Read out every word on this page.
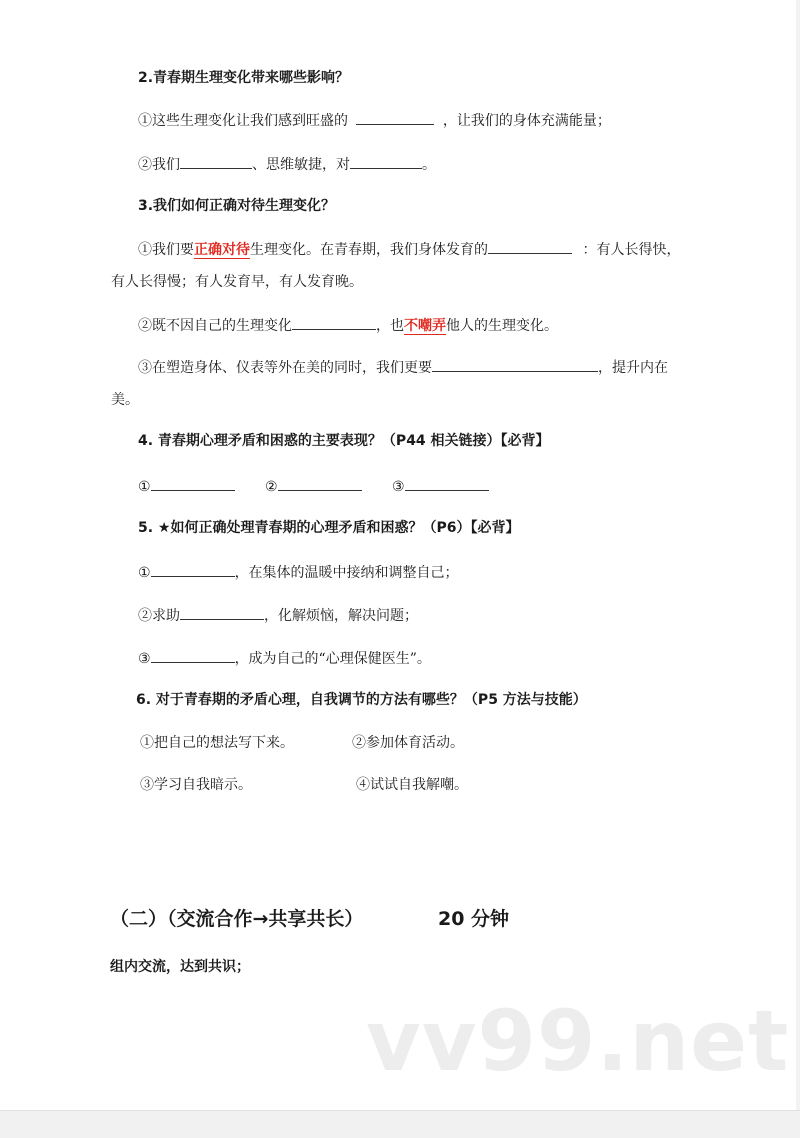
2.青春期生理变化带来哪些影响？
①这些生理变化让我们感到旺盛的	，让我们的身体充满能量；
②我们	、思维敏捷，对	。
3.我们如何正确对待生理变化？
①我们要正确对待生理变化。在青春期，我们身体发育的	：有人长得快，
有人长得慢；有人发育早，有人发育晚。
②既不因自己的生理变化	，也不嘲弄他人的生理变化。
③在塑造身体、仪表等外在美的同时，我们更要	，提升内在
美。
4. 青春期心理矛盾和困惑的主要表现？（P44 相关链接）【必背】
①	②	③
5. ★如何正确处理青春期的心理矛盾和困惑？（P6）【必背】
①	，在集体的温暖中接纳和调整自己；
②求助	，化解烦恼，解决问题；
③	，成为自己的“心理保健医生”。
6. 对于青春期的矛盾心理，自我调节的方法有哪些？（P5 方法与技能）
①把自己的想法写下来。	②参加体育活动。
③学习自我暗示。	④试试自我解嘲。
（二）（交流合作→共享共长）	20 分钟
组内交流，达到共识；
vv99.net
